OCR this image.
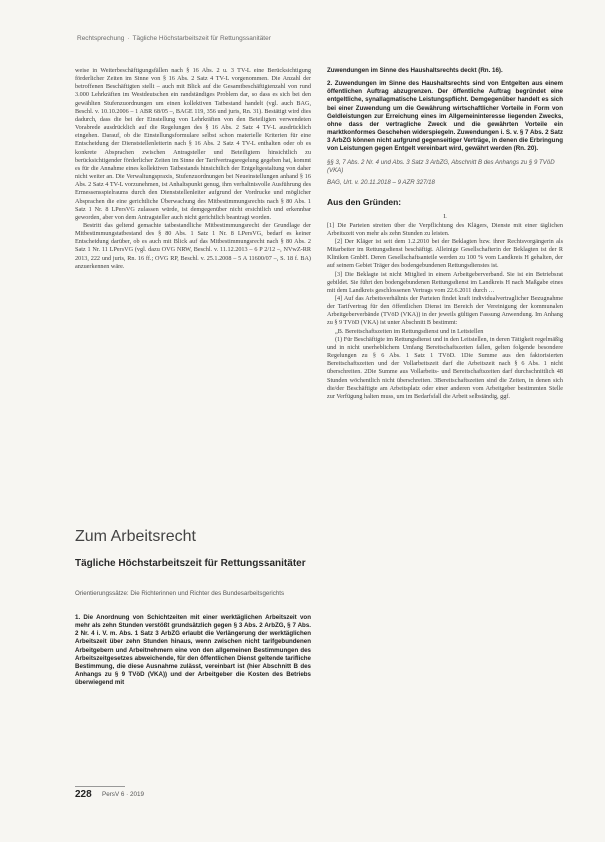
Rechtsprechung · Tägliche Höchstarbeitszeit für Rettungssanitäter

weise in Weiterbeschäftigungsfällen nach § 16 Abs. 2 u. 3 TV-L eine Berücksichtigung förderlicher Zeiten im Sinne von § 16 Abs. 2 Satz 4 TV-L vorgenommen. Die Anzahl der betroffenen Beschäftigten stellt – auch mit Blick auf die Gesamtbeschäftigtenzahl von rund 3.000 Lehrkräften im Westdeutschen ein randständiges Problem dar, so dass es sich bei den gewählten Stufenzuordnungen um einen kollektiven Tatbestand handelt (vgl. auch BAG, Beschl. v. 10.10.2006 – 1 ABR 68/05 –, BAGE 119, 356 und juris, Rn. 31). Bestätigt wird dies dadurch, dass die bei der Einstellung von Lehrkräften von den Beteiligten verwendeten Vorabrede ausdrücklich auf die Regelungen des § 16 Abs. 2 Satz 4 TV-L ausdrücklich eingehen. Darauf, ob die Einstellungsformulare selbst schon materielle Kriterien für eine Entscheidung der Dienststellenleiterin nach § 16 Abs. 2 Satz 4 TV-L enthalten oder ob es konkrete Absprachen zwischen Antragsteller und Beteiligtem hinsichtlich zu berücksichtigender förderlicher Zeiten im Sinne der Tarifvertragsregelung gegeben hat, kommt es für die Annahme eines kollektiven Tatbestands hinsichtlich der Entgeltgestaltung von daher nicht weiter an. Die Verwaltungspraxis, Stufenzuordnungen bei Neueinstellungen anhand § 16 Abs. 2 Satz 4 TV-L vorzunehmen, ist Anhaltspunkt genug, ihm verhaltnisvolle Ausführung des Ermessensspielraums durch den Dienststellenleiter aufgrund der Vordrucke und möglicher Absprachen die eine gerichtliche Überwachung des Mitbestimmungsrechts nach § 80 Abs. 1 Satz 1 Nr. 8 LPersVG zulassen würde, ist demgegenüber nicht ersichtlich und erkennbar geworden, aber von dem Antragsteller auch nicht gerichtlich beantragt worden.

Bestritt das geltend gemachte tatbestandliche Mitbestimmungsrecht der Grundlage der Mitbestimmungstatbestand des § 80 Abs. 1 Satz 1 Nr. 8 LPersVG, bedarf es keiner Entscheidung darüber, ob es auch mit Blick auf das Mitbestimmungsrecht nach § 80 Abs. 2 Satz 1 Nr. 11 LPersVG (vgl. dazu OVG NRW, Beschl. v. 11.12.2013 – 6 P 2/12 –, NVwZ-RR 2013, 222 und juris, Rn. 16 ff.; OVG RP, Beschl. v. 25.1.2008 – 5 A 11600/07 –, S. 18 f. BA) anzuerkennen wäre.

Zum Arbeitsrecht
Tägliche Höchstarbeitszeit für Rettungssanitäter
Orientierungssätze: Die Richterinnen und Richter des Bundesarbeitsgerichts

1. Die Anordnung von Schichtzeiten mit einer werktäglichen Arbeitszeit von mehr als zehn Stunden verstößt grundsätzlich gegen § 3 Abs. 2 ArbZG, § 7 Abs. 2 Nr. 4 i. V. m. Abs. 1 Satz 3 ArbZG erlaubt die Verlängerung der werktäglichen Arbeitszeit über zehn Stunden hinaus, wenn zwischen nicht tarifgebundenen Arbeitgebern und Arbeitnehmern eine von den allgemeinen Bestimmungen des Arbeitszeitgesetzes abweichende, für den öffentlichen Dienst geltende tarifliche Bestimmung, die diese Ausnahme zulässt, vereinbart ist (hier Abschnitt B des Anhangs zu § 9 TVöD (VKA)) und der Arbeitgeber die Kosten des Betriebs überwiegend mit

Zuwendungen im Sinne des Haushaltsrechts deckt (Rn. 16).

2. Zuwendungen im Sinne des Haushaltsrechts sind von Entgelten aus einem öffentlichen Auftrag abzugrenzen. Der öffentliche Auftrag begründet eine entgeltliche, synallagmatische Leistungspflicht. Demgegenüber handelt es sich bei einer Zuwendung um die Gewährung wirtschaftlicher Vorteile in Form von Geldleistungen zur Erreichung eines im Allgemeininteresse liegenden Zwecks, ohne dass der vertragliche Zweck und die gewährten Vorteile ein marktkonformes Geschehen widerspiegeln. Zuwendungen i. S. v. § 7 Abs. 2 Satz 3 ArbZG können nicht aufgrund gegenseitiger Verträge, in denen die Erbringung von Leistungen gegen Entgelt vereinbart wird, gewährt werden (Rn. 20).

§§ 3, 7 Abs. 2 Nr. 4 und Abs. 3 Satz 3 ArbZG, Abschnitt B des Anhangs zu § 9 TVöD (VKA)

BAG, Urt. v. 20.11.2018 – 9 AZR 327/18

Aus den Gründen:

I.

[1] Die Parteien streiten über die Verpflichtung des Klägers, Dienste mit einer täglichen Arbeitszeit von mehr als zehn Stunden zu leisten.

[2] Der Kläger ist seit dem 1.2.2010 bei der Beklagten bzw. ihrer Rechtsvorgängerin als Mitarbeiter im Rettungsdienst beschäftigt. Alleinige Gesellschafterin der Beklagten ist der R Kliniken GmbH. Deren Gesellschaftsanteile werden zu 100 % vom Landkreis H gehalten, der auf seinem Gebiet Träger des bodengebundenen Rettungsdienstes ist.

[3] Die Beklagte ist nicht Mitglied in einem Arbeitgeberverband. Sie ist ein Betriebsrat gebildet. Sie führt den bodengebundenen Rettungsdienst im Landkreis H nach Maßgabe eines mit dem Landkreis geschlossenen Vertrags vom 22.6.2011 durch …

[4] Auf das Arbeitsverhältnis der Parteien findet kraft individualvertraglicher Bezugnahme der Tarifvertrag für den öffentlichen Dienst im Bereich der Vereinigung der kommunalen Arbeitgeberverbände (TVöD (VKA)) in der jeweils gültigen Fassung Anwendung. Im Anhang zu § 9 TVöD (VKA) ist unter Abschnitt B bestimmt:

„B. Bereitschaftszeiten im Rettungsdienst und in Leitstellen

(1) Für Beschäftigte im Rettungsdienst und in den Leitstellen, in deren Tätigkeit regelmäßig und in nicht unerheblichem Umfang Bereitschaftszeiten fallen, gelten folgende besondere Regelungen zu § 6 Abs. 1 Satz 1 TVöD. 1Die Summe aus den faktorisierten Bereitschaftszeiten und der Vollarbeitszeit darf die Arbeitszeit nach § 6 Abs. 1 nicht überschreiten. 2Die Summe aus Vollarbeits- und Bereitschaftszeiten darf durchschnittlich 48 Stunden wöchentlich nicht überschreiten. 3Bereitschaftszeiten sind die Zeiten, in denen sich die/der Beschäftigte am Arbeitsplatz oder einer anderen vom Arbeitgeber bestimmten Stelle zur Verfügung halten muss, um im Bedarfsfall die Arbeit selbständig, ggf.

228 PersV 6 · 2019
